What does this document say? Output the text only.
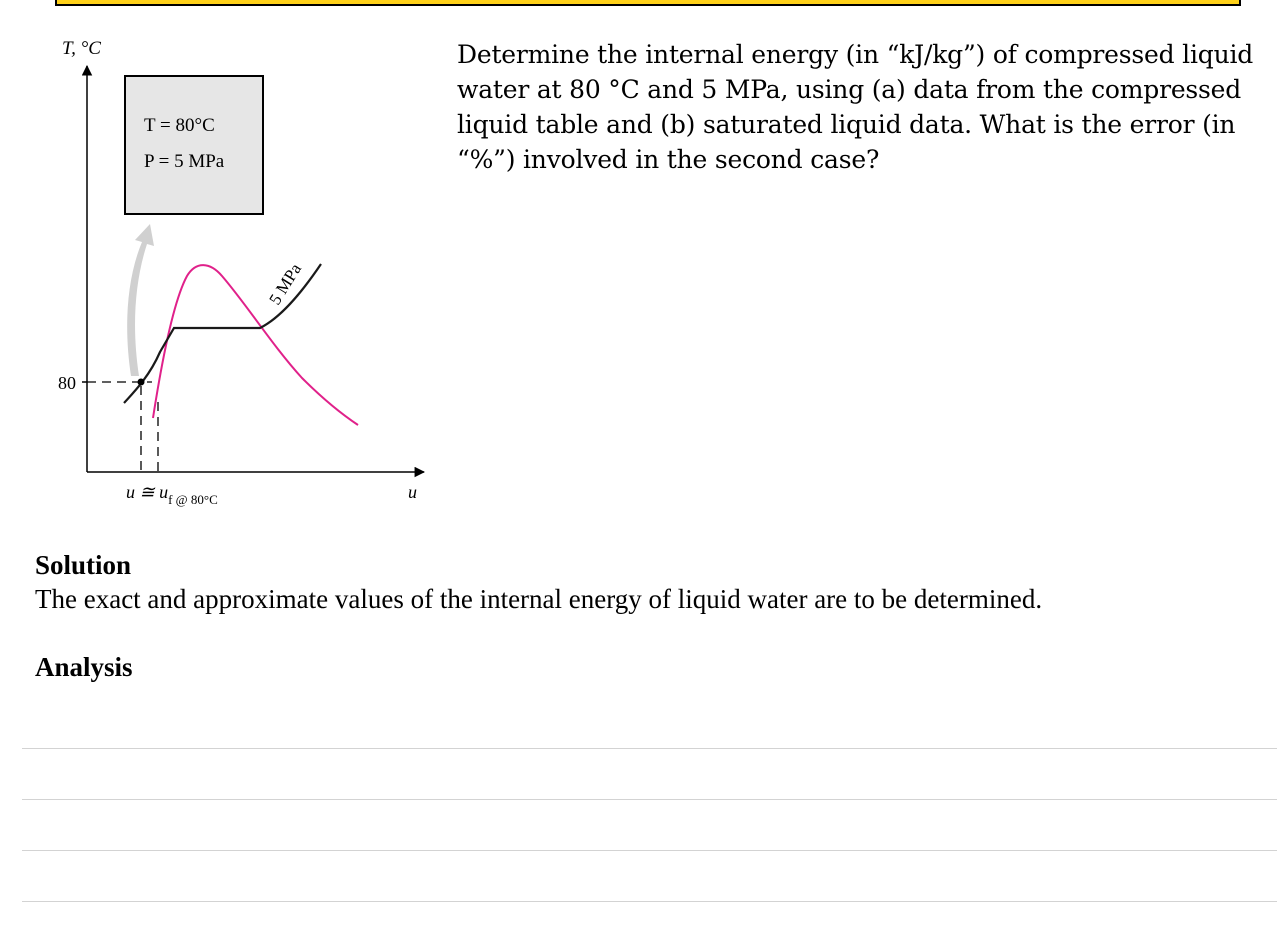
T, °C
u
T = 80°C
P = 5 MPa
5 MPa
80
u ≅ $u_{f @ 80^\circ C}$

Determine the internal energy (in “kJ/kg”) of compressed liquid water at 80 °C and 5 MPa, using (a) data from the compressed liquid table and (b) saturated liquid data. What is the error (in “%”) involved in the second case?

Solution

The exact and approximate values of the internal energy of liquid water are to be determined.

Analysis
